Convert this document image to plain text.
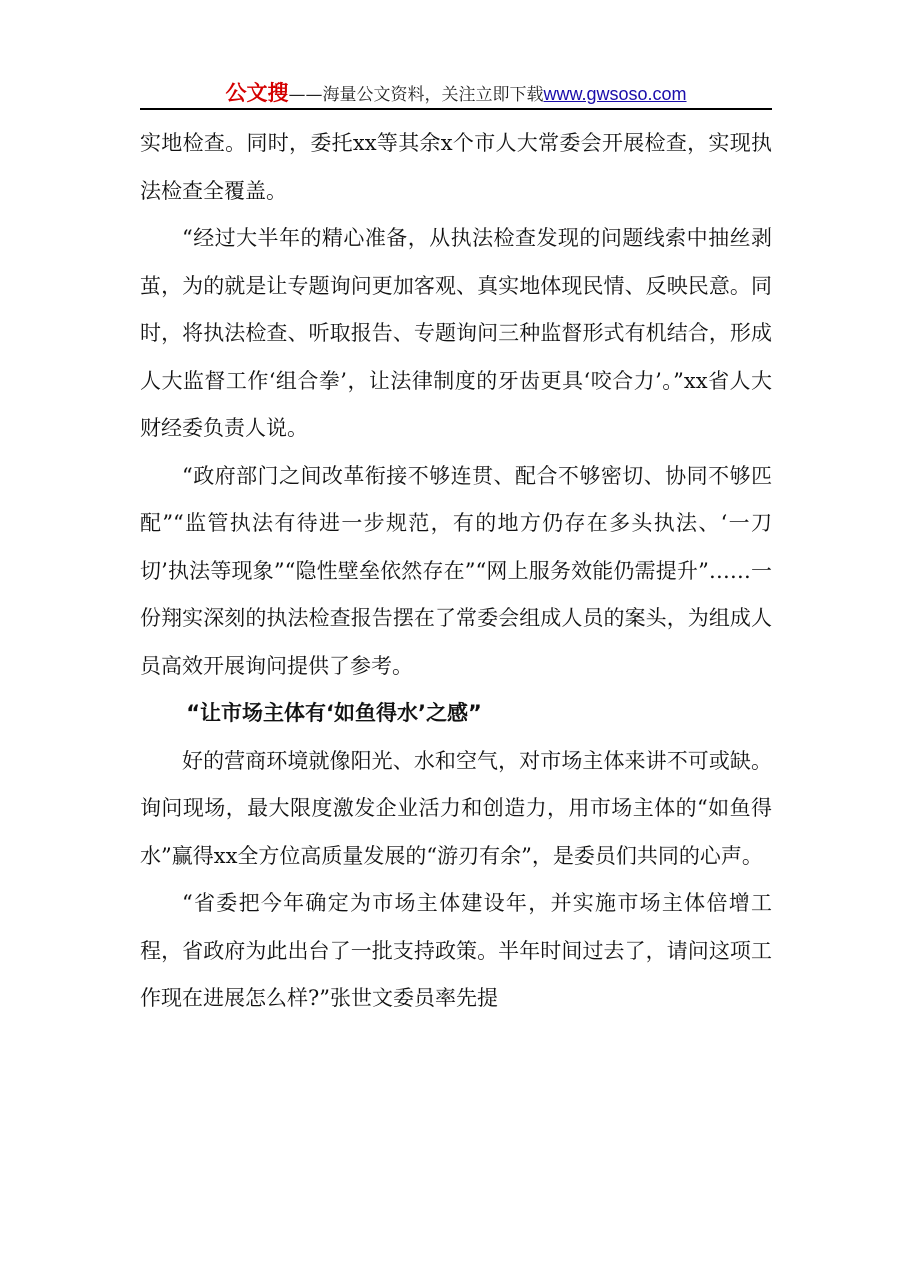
公文搜——海量公文资料，关注立即下载www.gwsoso.com

实地检查。同时，委托xx等其余x个市人大常委会开展检查，实现执法检查全覆盖。

“经过大半年的精心准备，从执法检查发现的问题线索中抽丝剥茧，为的就是让专题询问更加客观、真实地体现民情、反映民意。同时，将执法检查、听取报告、专题询问三种监督形式有机结合，形成人大监督工作‘组合拳’，让法律制度的牙齿更具‘咬合力’。”xx省人大财经委负责人说。

“政府部门之间改革衔接不够连贯、配合不够密切、协同不够匹配”“监管执法有待进一步规范，有的地方仍存在多头执法、‘一刀切’执法等现象”“隐性壁垒依然存在”“网上服务效能仍需提升”……一份翔实深刻的执法检查报告摆在了常委会组成人员的案头，为组成人员高效开展询问提供了参考。

“让市场主体有‘如鱼得水’之感”

好的营商环境就像阳光、水和空气，对市场主体来讲不可或缺。询问现场，最大限度激发企业活力和创造力，用市场主体的“如鱼得水”赢得xx全方位高质量发展的“游刃有余”，是委员们共同的心声。

“省委把今年确定为市场主体建设年，并实施市场主体倍增工程，省政府为此出台了一批支持政策。半年时间过去了，请问这项工作现在进展怎么样?”张世文委员率先提
